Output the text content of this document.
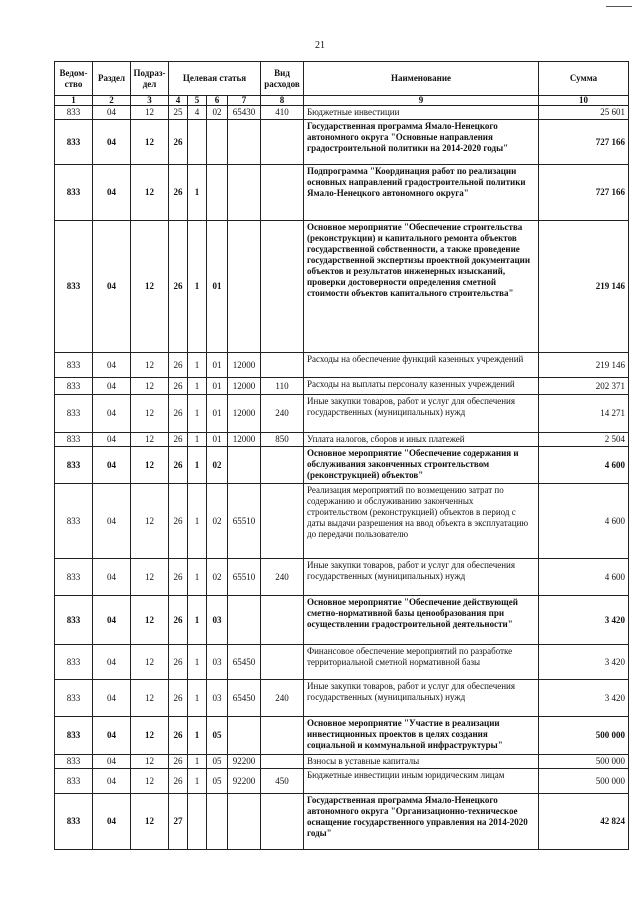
21
Ведом-ство	Раздел	Подраз-дел	Целевая статья				Вид расходов	Наименование	Сумма
1	2	3	4	5	6	7	8	9	10
833	04	12	25	4	02	65430	410	Бюджетные инвестиции	25 601
833	04	12	26					Государственная программа Ямало-Ненецкого автономного округа "Основные направления градостроительной политики на 2014-2020 годы"	727 166
833	04	12	26	1				Подпрограмма "Координация работ по реализации основных направлений градостроительной политики Ямало-Ненецкого автономного округа"	727 166
833	04	12	26	1	01			Основное мероприятие "Обеспечение строительства (реконструкции) и капитального ремонта объектов государственной собственности, а также проведение государственной экспертизы проектной документации объектов и результатов инженерных изысканий, проверки достоверности определения сметной стоимости объектов капитального строительства"	219 146
833	04	12	26	1	01	12000		Расходы на обеспечение функций казенных учреждений	219 146
833	04	12	26	1	01	12000	110	Расходы на выплаты персоналу казенных учреждений	202 371
833	04	12	26	1	01	12000	240	Иные закупки товаров, работ и услуг для обеспечения государственных (муниципальных) нужд	14 271
833	04	12	26	1	01	12000	850	Уплата налогов, сборов и иных платежей	2 504
833	04	12	26	1	02			Основное мероприятие "Обеспечение содержания и обслуживания законченных строительством (реконструкцией) объектов"	4 600
833	04	12	26	1	02	65510		Реализация мероприятий по возмещению затрат по содержанию и обслуживанию законченных строительством (реконструкцией) объектов в период с даты выдачи разрешения на ввод объекта в эксплуатацию до передачи пользователю	4 600
833	04	12	26	1	02	65510	240	Иные закупки товаров, работ и услуг для обеспечения государственных (муниципальных) нужд	4 600
833	04	12	26	1	03			Основное мероприятие "Обеспечение действующей сметно-нормативной базы ценообразования при осуществлении градостроительной деятельности"	3 420
833	04	12	26	1	03	65450		Финансовое обеспечение мероприятий по разработке территориальной сметной нормативной базы	3 420
833	04	12	26	1	03	65450	240	Иные закупки товаров, работ и услуг для обеспечения государственных (муниципальных) нужд	3 420
833	04	12	26	1	05			Основное мероприятие "Участие в реализации инвестиционных проектов в целях создания социальной и коммунальной инфраструктуры"	500 000
833	04	12	26	1	05	92200		Взносы в уставные капиталы	500 000
833	04	12	26	1	05	92200	450	Бюджетные инвестиции иным юридическим лицам	500 000
833	04	12	27					Государственная программа Ямало-Ненецкого автономного округа "Организационно-техническое оснащение государственного управления на 2014-2020 годы"	42 824
